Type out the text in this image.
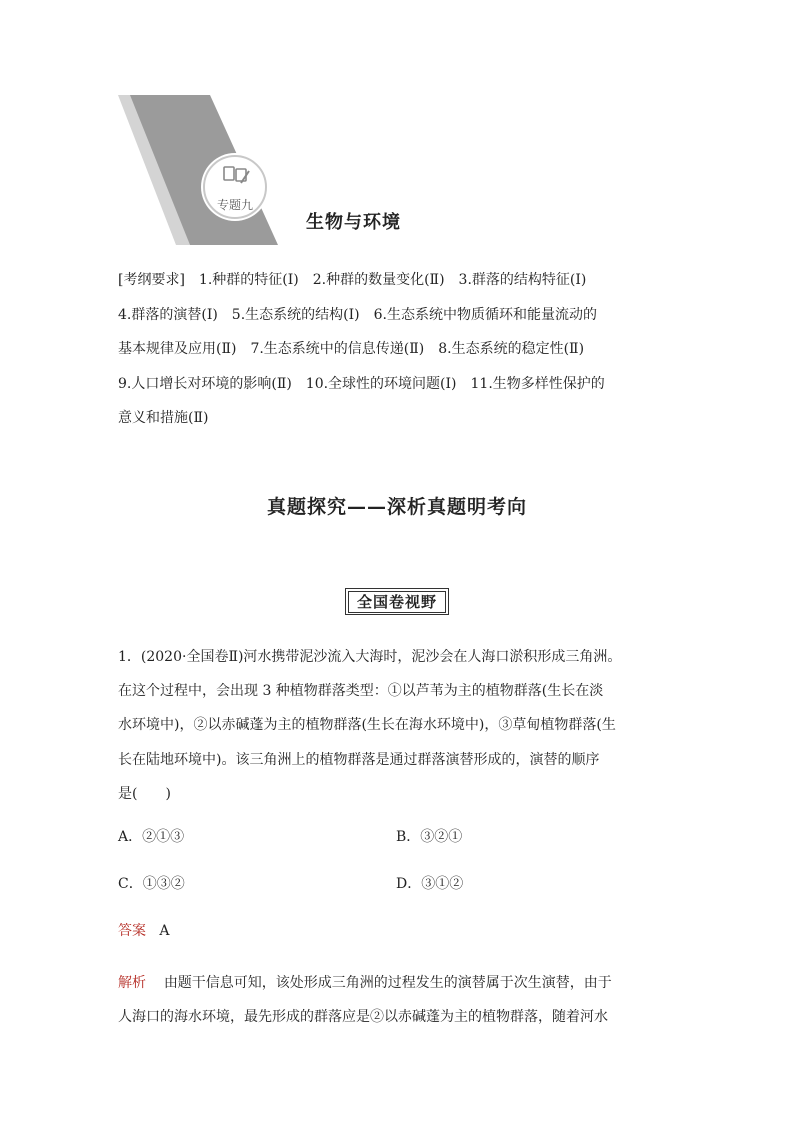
专题九
生物与环境
[考纲要求]　1.种群的特征(Ⅰ)　2.种群的数量变化(Ⅱ)　3.群落的结构特征(Ⅰ)
4.群落的演替(Ⅰ)　5.生态系统的结构(Ⅰ)　6.生态系统中物质循环和能量流动的
基本规律及应用(Ⅱ)　7.生态系统中的信息传递(Ⅱ)　8.生态系统的稳定性(Ⅱ)
9.人口增长对环境的影响(Ⅱ)　10.全球性的环境问题(Ⅰ)　11.生物多样性保护的
意义和措施(Ⅱ)
真题探究——深析真题明考向
全国卷视野
1．(2020·全国卷Ⅱ)河水携带泥沙流入大海时，泥沙会在人海口淤积形成三角洲。
在这个过程中，会出现 3 种植物群落类型：①以芦苇为主的植物群落(生长在淡
水环境中)，②以赤碱蓬为主的植物群落(生长在海水环境中)，③草甸植物群落(生
长在陆地环境中)。该三角洲上的植物群落是通过群落演替形成的，演替的顺序
是(　　)
A．②①③	B．③②①
C．①③②	D．③①②
答案 A
解析 由题干信息可知，该处形成三角洲的过程发生的演替属于次生演替，由于
人海口的海水环境，最先形成的群落应是②以赤碱蓬为主的植物群落，随着河水
